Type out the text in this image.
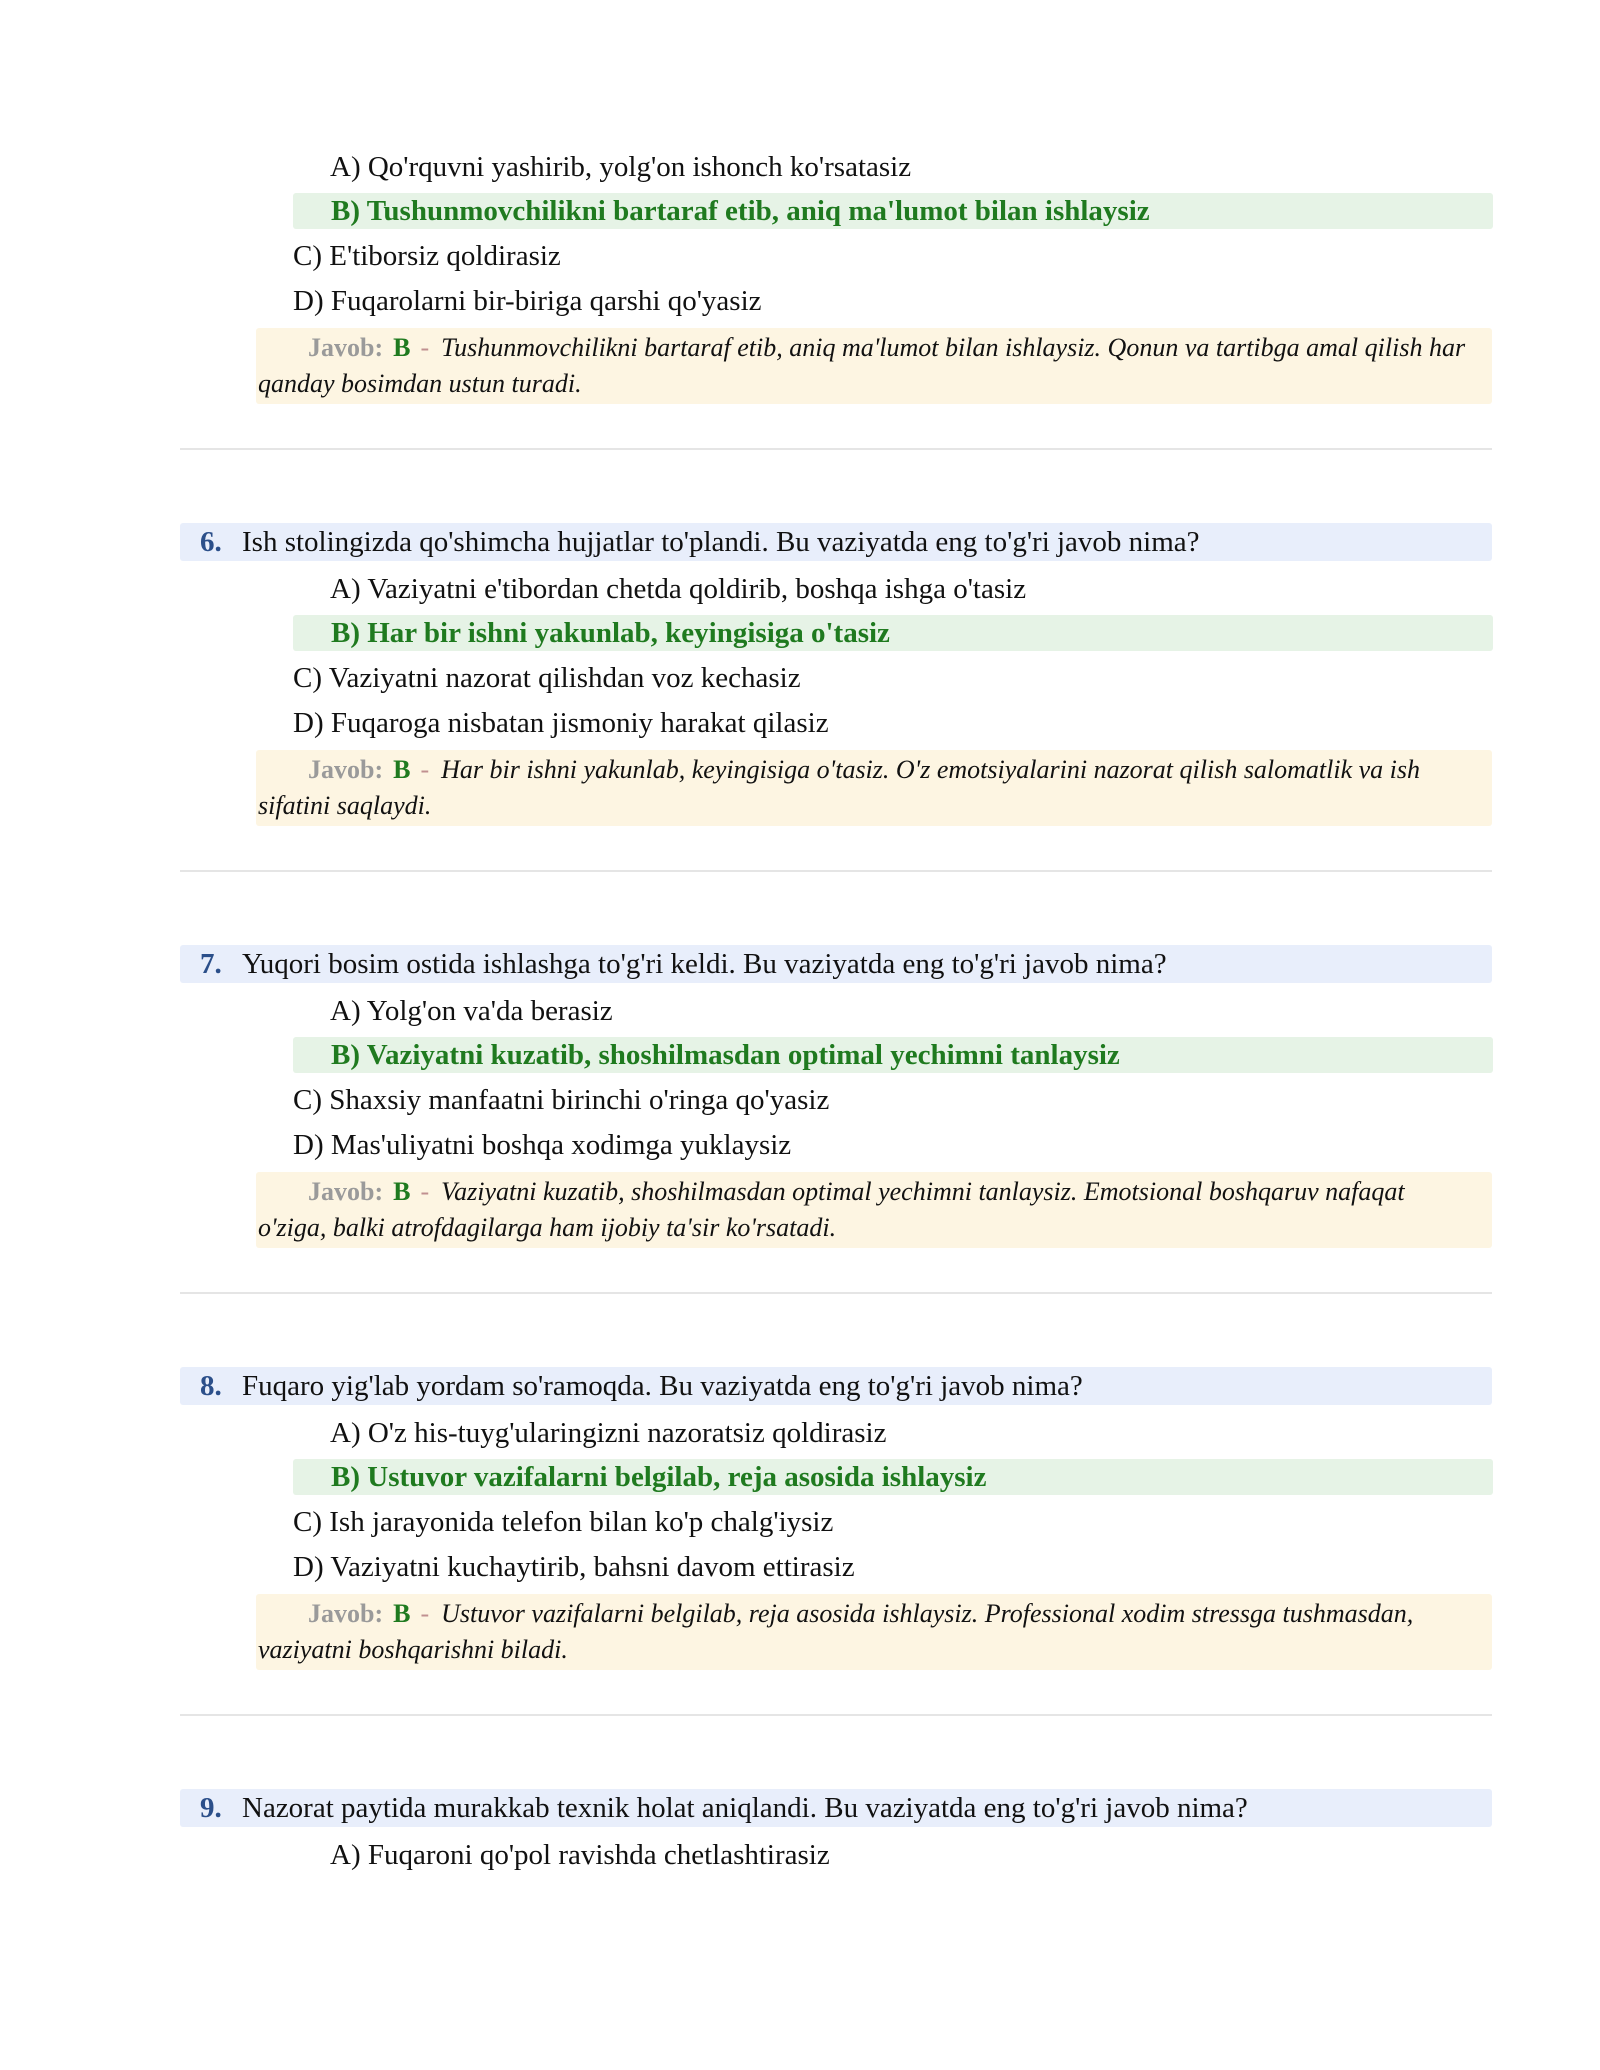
A) Qo'rquvni yashirib, yolg'on ishonch ko'rsatasiz
B) Tushunmovchilikni bartaraf etib, aniq ma'lumot bilan ishlaysiz
C) E'tiborsiz qoldirasiz
D) Fuqarolarni bir-biriga qarshi qo'yasiz
Javob: B - Tushunmovchilikni bartaraf etib, aniq ma'lumot bilan ishlaysiz. Qonun va tartibga amal qilish har qanday bosimdan ustun turadi.
6. Ish stolingizda qo'shimcha hujjatlar to'plandi. Bu vaziyatda eng to'g'ri javob nima?
A) Vaziyatni e'tibordan chetda qoldirib, boshqa ishga o'tasiz
B) Har bir ishni yakunlab, keyingisiga o'tasiz
C) Vaziyatni nazorat qilishdan voz kechasiz
D) Fuqaroga nisbatan jismoniy harakat qilasiz
Javob: B - Har bir ishni yakunlab, keyingisiga o'tasiz. O'z emotsiyalarini nazorat qilish salomatlik va ish sifatini saqlaydi.
7. Yuqori bosim ostida ishlashga to'g'ri keldi. Bu vaziyatda eng to'g'ri javob nima?
A) Yolg'on va'da berasiz
B) Vaziyatni kuzatib, shoshilmasdan optimal yechimni tanlaysiz
C) Shaxsiy manfaatni birinchi o'ringa qo'yasiz
D) Mas'uliyatni boshqa xodimga yuklaysiz
Javob: B - Vaziyatni kuzatib, shoshilmasdan optimal yechimni tanlaysiz. Emotsional boshqaruv nafaqat o'ziga, balki atrofdagilarga ham ijobiy ta'sir ko'rsatadi.
8. Fuqaro yig'lab yordam so'ramoqda. Bu vaziyatda eng to'g'ri javob nima?
A) O'z his-tuyg'ularingizni nazoratsiz qoldirasiz
B) Ustuvor vazifalarni belgilab, reja asosida ishlaysiz
C) Ish jarayonida telefon bilan ko'p chalg'iysiz
D) Vaziyatni kuchaytirib, bahsni davom ettirasiz
Javob: B - Ustuvor vazifalarni belgilab, reja asosida ishlaysiz. Professional xodim stressga tushmasdan, vaziyatni boshqarishni biladi.
9. Nazorat paytida murakkab texnik holat aniqlandi. Bu vaziyatda eng to'g'ri javob nima?
A) Fuqaroni qo'pol ravishda chetlashtirasiz
